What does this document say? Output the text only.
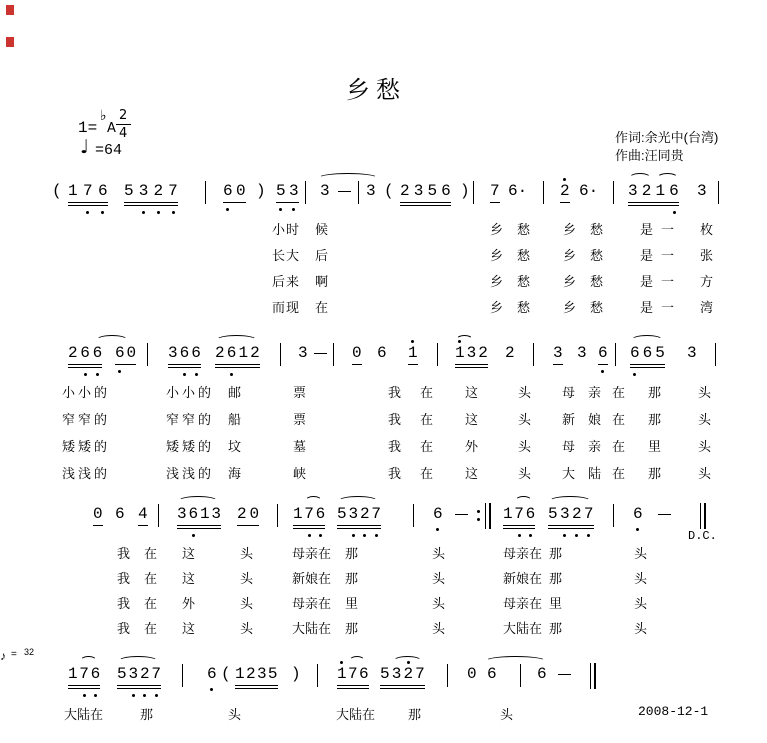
乡愁
作词:余光中(台湾)
作曲:汪同贵
1=
♭
A
2
4
♩ =64
( 176 5327	60 ) 53 3 3 ( 2356 ) 7 6· 2 6· 3216 3
266 60 366 2612 3	0 6 1 132 2 3 3 6 665 3
0 6 4 3613 20 176 5327	6	176 5327 6
176 5327
♪ = 32
6 ( 1235 ) 176 5327	0 6	6
小时 候	乡 愁 乡 愁	是 一 枚
长大 后	乡 愁 乡 愁	是 一 张
后来 啊	乡 愁 乡 愁	是 一 方
而现 在	乡 愁 乡 愁	是 一 湾
小小的	小小的 邮	票	我 在 这	头 母 亲 在 那	头
窄窄的	窄窄的 船	票	我 在 这	头 新 娘 在 那	头
矮矮的	矮矮的 坟	墓	我 在 外	头 母 亲 在 里	头
浅浅的	浅浅的 海	峡	我 在 这	头 大 陆 在 那	头
我 在 这	头	母亲在 那	头	母亲在 那	头
我 在 这	头	新娘在 那	头	新娘在 那	头
我 在 外	头	母亲在 里	头	母亲在 里	头
我 在 这	头	大陆在 那	头	大陆在 那	头
大陆在	那	头	大陆在	那	头
D.C.
2008-12-1
